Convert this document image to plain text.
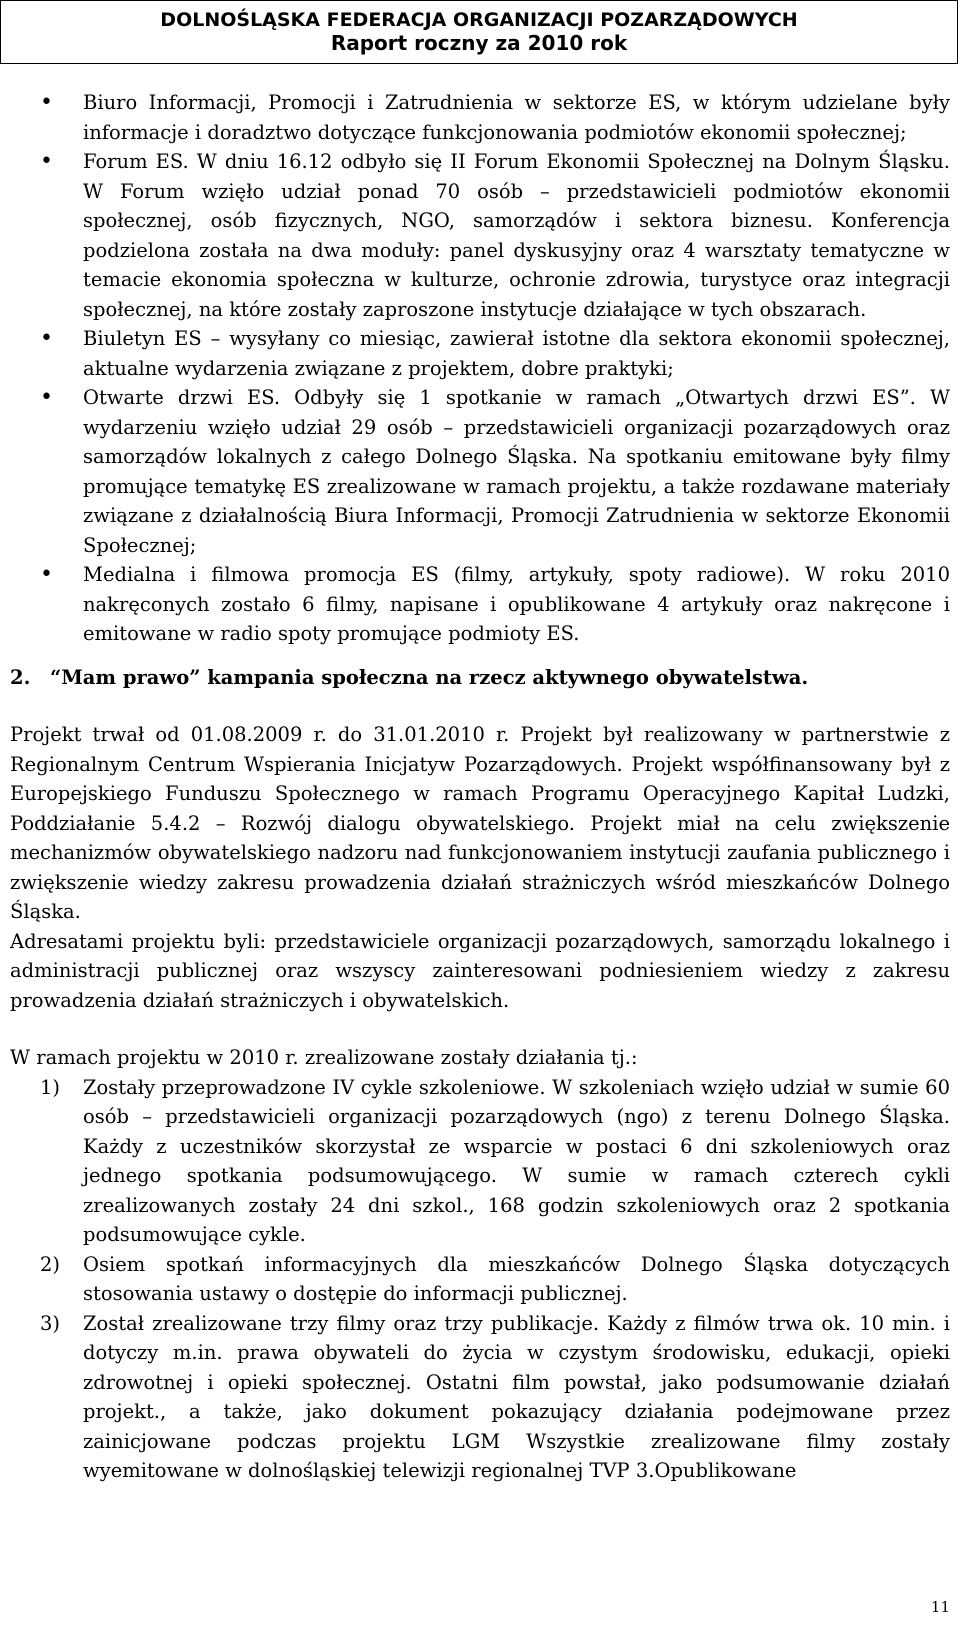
DOLNOŚLĄSKA FEDERACJA ORGANIZACJI POZARZĄDOWYCH
Raport roczny za 2010 rok
• Biuro Informacji, Promocji i Zatrudnienia w sektorze ES, w którym udzielane były informacje i doradztwo dotyczące funkcjonowania podmiotów ekonomii społecznej;
• Forum ES. W dniu 16.12 odbyło się II Forum Ekonomii Społecznej na Dolnym Śląsku. W Forum wzięło udział ponad 70 osób – przedstawicieli podmiotów ekonomii społecznej, osób fizycznych, NGO, samorządów i sektora biznesu. Konferencja podzielona została na dwa moduły: panel dyskusyjny oraz 4 warsztaty tematyczne w temacie ekonomia społeczna w kulturze, ochronie zdrowia, turystyce oraz integracji społecznej, na które zostały zaproszone instytucje działające w tych obszarach.
• Biuletyn ES – wysyłany co miesiąc, zawierał istotne dla sektora ekonomii społecznej, aktualne wydarzenia związane z projektem, dobre praktyki;
• Otwarte drzwi ES. Odbyły się 1 spotkanie w ramach „Otwartych drzwi ES”. W wydarzeniu wzięło udział 29 osób – przedstawicieli organizacji pozarządowych oraz samorządów lokalnych z całego Dolnego Śląska. Na spotkaniu emitowane były filmy promujące tematykę ES zrealizowane w ramach projektu, a także rozdawane materiały związane z działalnością Biura Informacji, Promocji Zatrudnienia w sektorze Ekonomii Społecznej;
• Medialna i filmowa promocja ES (filmy, artykuły, spoty radiowe). W roku 2010 nakręconych zostało 6 filmy, napisane i opublikowane 4 artykuły oraz nakręcone i emitowane w radio spoty promujące podmioty ES.

2. “Mam prawo” kampania społeczna na rzecz aktywnego obywatelstwa.

Projekt trwał od 01.08.2009 r. do 31.01.2010 r. Projekt był realizowany w partnerstwie z Regionalnym Centrum Wspierania Inicjatyw Pozarządowych. Projekt współfinansowany był z Europejskiego Funduszu Społecznego w ramach Programu Operacyjnego Kapitał Ludzki, Poddziałanie 5.4.2 – Rozwój dialogu obywatelskiego. Projekt miał na celu zwiększenie mechanizmów obywatelskiego nadzoru nad funkcjonowaniem instytucji zaufania publicznego i zwiększenie wiedzy zakresu prowadzenia działań strażniczych wśród mieszkańców Dolnego Śląska.

Adresatami projektu byli: przedstawiciele organizacji pozarządowych, samorządu lokalnego i administracji publicznej oraz wszyscy zainteresowani podniesieniem wiedzy z zakresu prowadzenia działań strażniczych i obywatelskich.

W ramach projektu w 2010 r. zrealizowane zostały działania tj.:

1) Zostały przeprowadzone IV cykle szkoleniowe. W szkoleniach wzięło udział w sumie 60 osób – przedstawicieli organizacji pozarządowych (ngo) z terenu Dolnego Śląska. Każdy z uczestników skorzystał ze wsparcie w postaci 6 dni szkoleniowych oraz jednego spotkania podsumowującego. W sumie w ramach czterech cykli zrealizowanych zostały 24 dni szkol., 168 godzin szkoleniowych oraz 2 spotkania podsumowujące cykle.
2) Osiem spotkań informacyjnych dla mieszkańców Dolnego Śląska dotyczących stosowania ustawy o dostępie do informacji publicznej.
3) Został zrealizowane trzy filmy oraz trzy publikacje. Każdy z filmów trwa ok. 10 min. i dotyczy m.in. prawa obywateli do życia w czystym środowisku, edukacji, opieki zdrowotnej i opieki społecznej. Ostatni film powstał, jako podsumowanie działań projekt., a także, jako dokument pokazujący działania podejmowane przez zainicjowane podczas projektu LGM Wszystkie zrealizowane filmy zostały wyemitowane w dolnośląskiej telewizji regionalnej TVP 3.Opublikowane
11
